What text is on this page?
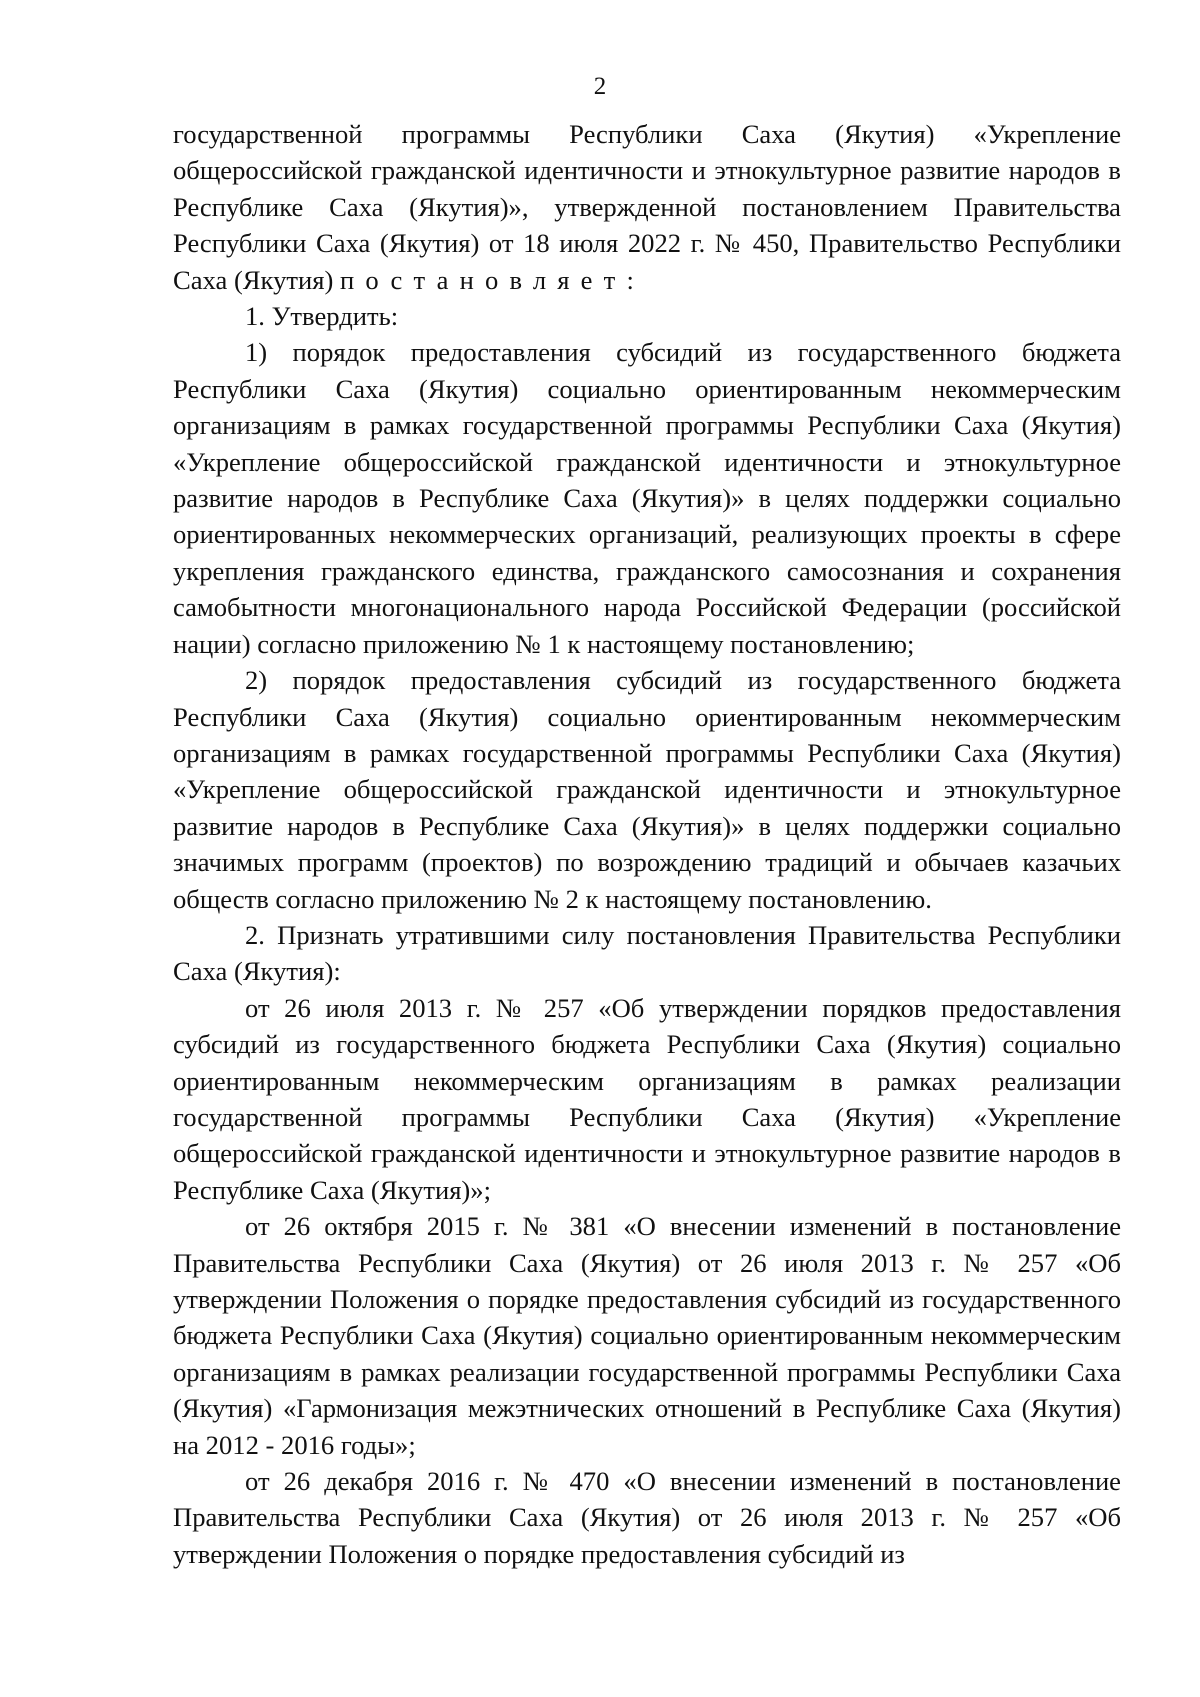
2

государственной программы Республики Саха (Якутия) «Укрепление общероссийской гражданской идентичности и этнокультурное развитие народов в Республике Саха (Якутия)», утвержденной постановлением Правительства Республики Саха (Якутия) от 18 июля 2022 г. № 450, Правительство Республики Саха (Якутия) постановляет:

1. Утвердить:

1) порядок предоставления субсидий из государственного бюджета Республики Саха (Якутия) социально ориентированным некоммерческим организациям в рамках государственной программы Республики Саха (Якутия) «Укрепление общероссийской гражданской идентичности и этнокультурное развитие народов в Республике Саха (Якутия)» в целях поддержки социально ориентированных некоммерческих организаций, реализующих проекты в сфере укрепления гражданского единства, гражданского самосознания и сохранения самобытности многонационального народа Российской Федерации (российской нации) согласно приложению № 1 к настоящему постановлению;

2) порядок предоставления субсидий из государственного бюджета Республики Саха (Якутия) социально ориентированным некоммерческим организациям в рамках государственной программы Республики Саха (Якутия) «Укрепление общероссийской гражданской идентичности и этнокультурное развитие народов в Республике Саха (Якутия)» в целях поддержки социально значимых программ (проектов) по возрождению традиций и обычаев казачьих обществ согласно приложению № 2 к настоящему постановлению.

2. Признать утратившими силу постановления Правительства Республики Саха (Якутия):

от 26 июля 2013 г. № 257 «Об утверждении порядков предоставления субсидий из государственного бюджета Республики Саха (Якутия) социально ориентированным некоммерческим организациям в рамках реализации государственной программы Республики Саха (Якутия) «Укрепление общероссийской гражданской идентичности и этнокультурное развитие народов в Республике Саха (Якутия)»;

от 26 октября 2015 г. № 381 «О внесении изменений в постановление Правительства Республики Саха (Якутия) от 26 июля 2013 г. № 257 «Об утверждении Положения о порядке предоставления субсидий из государственного бюджета Республики Саха (Якутия) социально ориентированным некоммерческим организациям в рамках реализации государственной программы Республики Саха (Якутия) «Гармонизация межэтнических отношений в Республике Саха (Якутия) на 2012 - 2016 годы»;

от 26 декабря 2016 г. № 470 «О внесении изменений в постановление Правительства Республики Саха (Якутия) от 26 июля 2013 г. № 257 «Об утверждении Положения о порядке предоставления субсидий из
